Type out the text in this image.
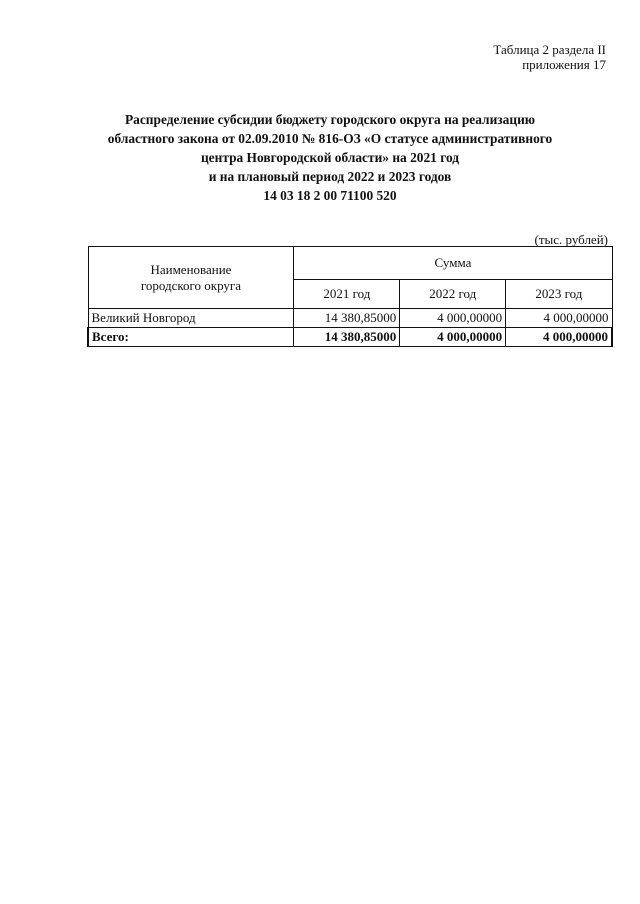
Таблица 2 раздела II
приложения 17
Распределение субсидии бюджету городского округа на реализацию
областного закона от 02.09.2010 № 816-ОЗ «О статусе административного
центра Новгородской области» на 2021 год
и на плановый период 2022 и 2023 годов
14 03 18 2 00 71100 520
(тыс. рублей)
Наименование
городского округа	Сумма		
	2021 год	2022 год	2023 год
Великий Новгород	14 380,85000	4 000,00000	4 000,00000
Всего:	14 380,85000	4 000,00000	4 000,00000
